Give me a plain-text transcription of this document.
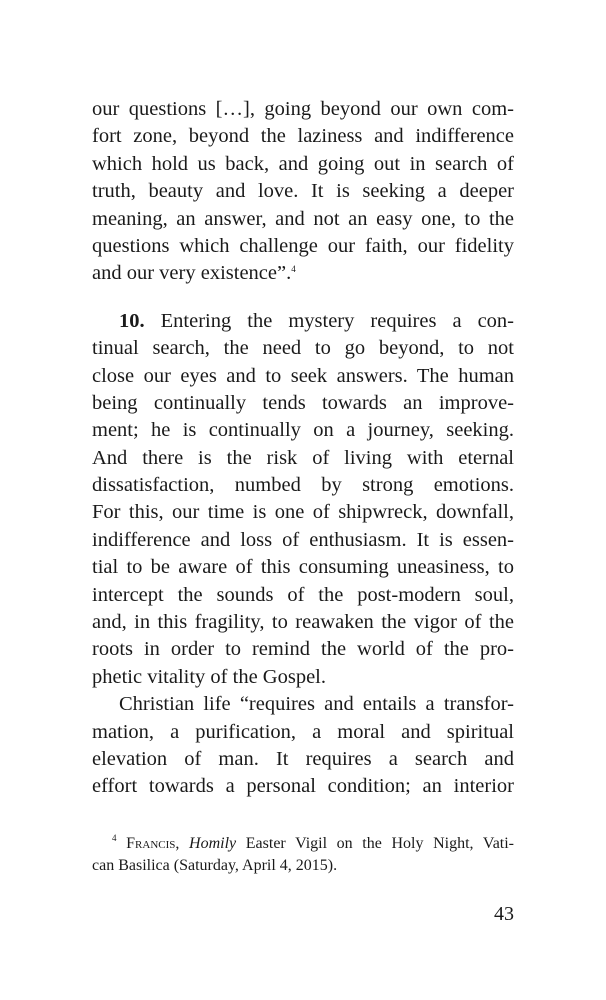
our questions […], going beyond our own com-
fort zone, beyond the laziness and indifference
which hold us back, and going out in search of
truth, beauty and love. It is seeking a deeper
meaning, an answer, and not an easy one, to the
questions which challenge our faith, our fidelity
and our very existence”.$^4$
10. Entering the mystery requires a con-
tinual search, the need to go beyond, to not
close our eyes and to seek answers. The human
being continually tends towards an improve-
ment; he is continually on a journey, seeking.
And there is the risk of living with eternal
dissatisfaction, numbed by strong emotions.
For this, our time is one of shipwreck, downfall,
indifference and loss of enthusiasm. It is essen-
tial to be aware of this consuming uneasiness, to
intercept the sounds of the post-modern soul,
and, in this fragility, to reawaken the vigor of the
roots in order to remind the world of the pro-
phetic vitality of the Gospel.
Christian life “requires and entails a transfor-
mation, a purification, a moral and spiritual
elevation of man. It requires a search and
effort towards a personal condition; an interior
$^4$ Francis, Homily Easter Vigil on the Holy Night, Vati-
can Basilica (Saturday, April 4, 2015).
43
